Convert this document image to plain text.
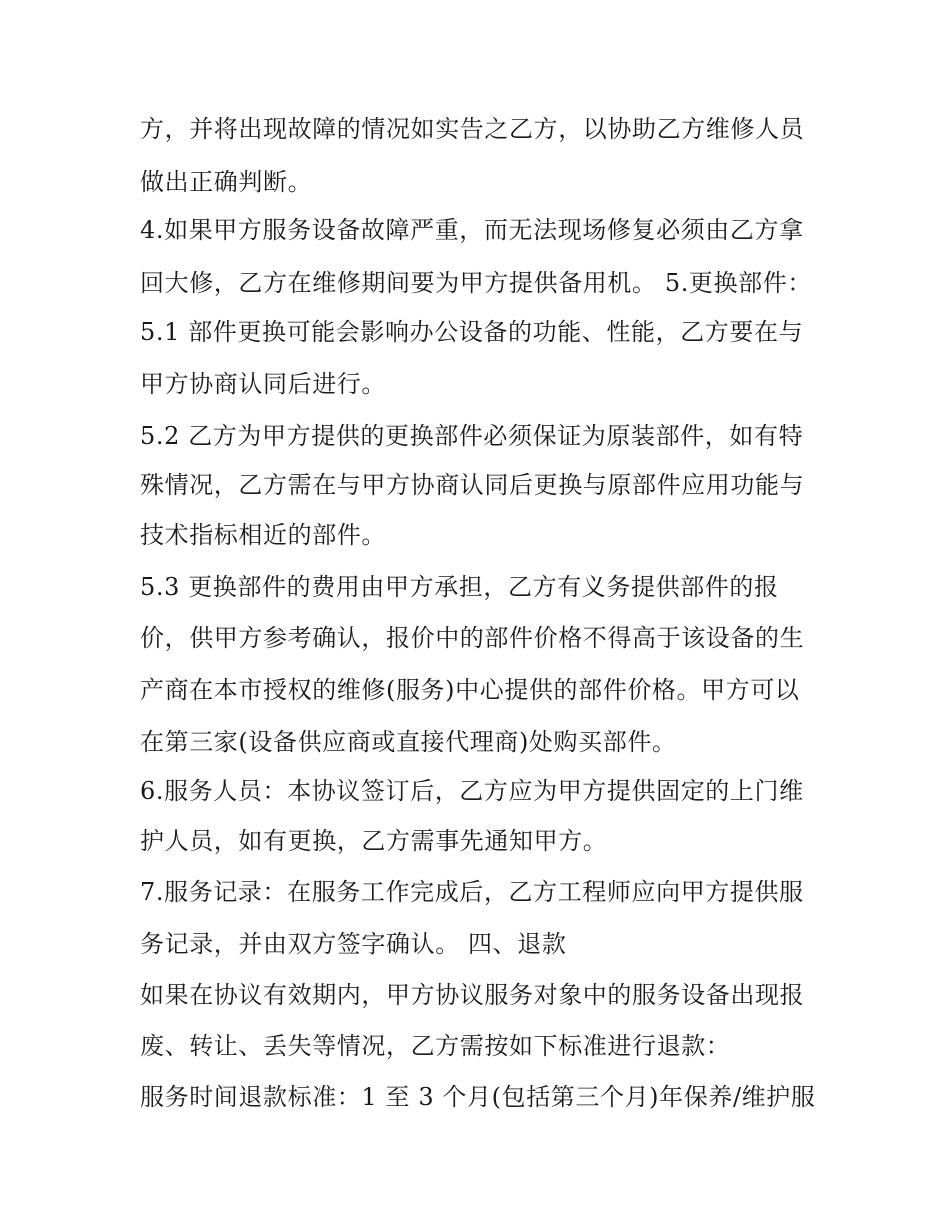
方，并将出现故障的情况如实告之乙方，以协助乙方维修人员
做出正确判断。
4.如果甲方服务设备故障严重，而无法现场修复必须由乙方拿
回大修，乙方在维修期间要为甲方提供备用机。 5.更换部件：
5.1 部件更换可能会影响办公设备的功能、性能，乙方要在与
甲方协商认同后进行。
5.2 乙方为甲方提供的更换部件必须保证为原装部件，如有特
殊情况，乙方需在与甲方协商认同后更换与原部件应用功能与
技术指标相近的部件。
5.3 更换部件的费用由甲方承担，乙方有义务提供部件的报
价，供甲方参考确认，报价中的部件价格不得高于该设备的生
产商在本市授权的维修(服务)中心提供的部件价格。甲方可以
在第三家(设备供应商或直接代理商)处购买部件。
6.服务人员：本协议签订后，乙方应为甲方提供固定的上门维
护人员，如有更换，乙方需事先通知甲方。
7.服务记录：在服务工作完成后，乙方工程师应向甲方提供服
务记录，并由双方签字确认。 四、退款
如果在协议有效期内，甲方协议服务对象中的服务设备出现报
废、转让、丢失等情况，乙方需按如下标准进行退款：
服务时间退款标准：1 至 3 个月(包括第三个月)年保养/维护服
